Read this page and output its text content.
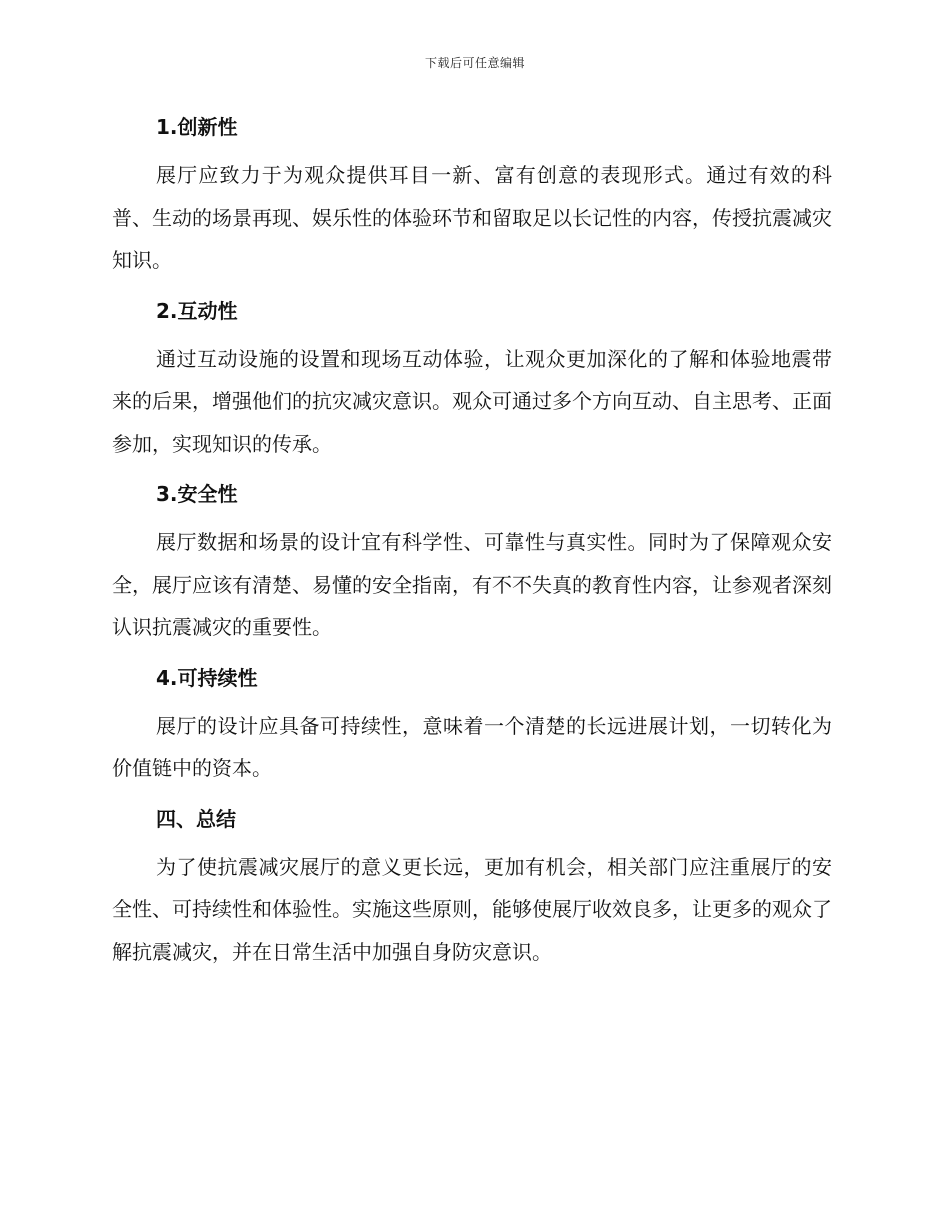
下载后可任意编辑
1.创新性

展厅应致力于为观众提供耳目一新、富有创意的表现形式。通过有效的科普、生动的场景再现、娱乐性的体验环节和留取足以长记性的内容，传授抗震减灾知识。

2.互动性

通过互动设施的设置和现场互动体验，让观众更加深化的了解和体验地震带来的后果，增强他们的抗灾减灾意识。观众可通过多个方向互动、自主思考、正面参加，实现知识的传承。

3.安全性

展厅数据和场景的设计宜有科学性、可靠性与真实性。同时为了保障观众安全，展厅应该有清楚、易懂的安全指南，有不不失真的教育性内容，让参观者深刻认识抗震减灾的重要性。

4.可持续性

展厅的设计应具备可持续性，意味着一个清楚的长远进展计划，一切转化为价值链中的资本。

四、总结

为了使抗震减灾展厅的意义更长远，更加有机会，相关部门应注重展厅的安全性、可持续性和体验性。实施这些原则，能够使展厅收效良多，让更多的观众了解抗震减灾，并在日常生活中加强自身防灾意识。
